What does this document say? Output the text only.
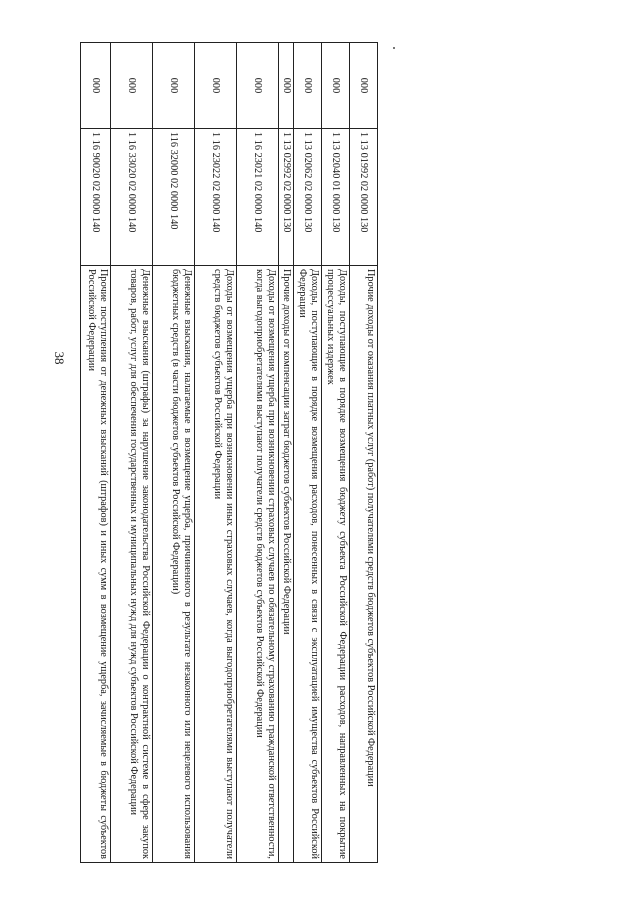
38
000	1 13 01992 02 0000 130	Прочие доходы от оказания платных услуг (работ) получателями средств бюджетов субъектов Российской Федерации
000	1 13 02040 01 0000 130	Доходы, поступающие в порядке возмещения бюджету субъекта Российской Федерации расходов, направленных на покрытие процессуальных издержек
000	1 13 02062 02 0000 130	Доходы, поступающие в порядке возмещения расходов, понесенных в связи с эксплуатацией имущества субъектов Российской Федерации
000	1 13 02992 02 0000 130	Прочие доходы от компенсации затрат бюджетов субъектов Российской Федерации
000	1 16 23021 02 0000 140	Доходы от возмещения ущерба при возникновении страховых случаев по обязательному страхованию гражданской ответственности, когда выгодоприобретателями выступают получатели средств бюджетов субъектов Российской Федерации
000	1 16 23022 02 0000 140	Доходы от возмещения ущерба при возникновении иных страховых случаев, когда выгодоприобретателями выступают получатели средств бюджетов субъектов Российской Федерации
000	116 32000 02 0000 140	Денежные взыскания, налагаемые в возмещение ущерба, причиненного в результате незаконного или нецелевого использования бюджетных средств (в части бюджетов субъектов Российской Федерации)
000	1 16 33020 02 0000 140	Денежные взыскания (штрафы) за нарушение законодательства Российской Федерации о контрактной системе в сфере закупок товаров, работ, услуг для обеспечения государственных и муниципальных нужд для нужд субъектов Российской Федерации
000	1 16 90020 02 0000 140	Прочие поступления от денежных взысканий (штрафов) и иных сумм в возмещение ущерба, зачисляемые в бюджеты субъектов Российской Федерации
